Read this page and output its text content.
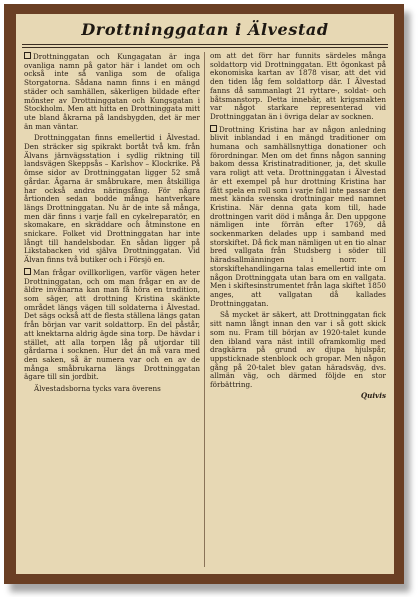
Drottninggatan i Älvestad

Drottninggatan och Kungagatan är inga ovanliga namn på gator här i landet om och också inte så vanliga som de ofaliga Storgatorna. Sådana namn finns i en mängd städer och samhällen, säkerligen bildade efter mönster av Drottninggatan och Kungsgatan i Stockholm. Men att hitta en Drottninggata mitt ute bland åkrarna på landsbygden, det är mer än man väntar.

Drottninggatan finns emellertid i Älvestad. Den sträcker sig spikrakt bortåt två km. från Älvans järnvägsstation i sydlig riktning till landsvägen Skeppsås – Karlshov – Klockrike. På ömse sidor av Drottninggatan ligger 52 små gårdar. Ägarna är småbrukare, men åtskilliga har också andra näringsfång. För några årtionden sedan bodde många hantverkare längs Drottninggatan. Nu är de inte så många, men där finns i varje fall en cykelreparatör, en skomakare, en skräddare och åtminstone en snickare. Folket vid Drottninggatan har inte långt till handelsbodar. En sådan ligger på Likstabacken vid själva Drottninggatan. Vid Älvan finns två butiker och i Försjö en.

Man frågar ovillkorligen, varför vägen heter Drottninggatan, och om man frågar en av de äldre invånarna kan man få höra en tradition, som säger, att drottning Kristina skänkte området längs vägen till soldaterna i Älvestad. Det sägs också att de flesta ställena längs gatan från början var varit soldattorp. En del påstår, att knektarna aldrig ägde sina torp. De hävdar i stället, att alla torpen låg på utjordar till gårdarna i socknen. Hur det än må vara med den saken, så är numera var och en av de många småbrukarna längs Drottninggatan ägare till sin jordbit.

Älvestadsborna tycks vara överens

om att det förr har funnits särdeles många soldattorp vid Drottninggatan. Ett ögonkast på ekonomiska kartan av 1878 visar, att det vid den tiden låg fem soldattorp där. I Älvestad fanns då sammanlagt 21 ryttare-, soldat- och båtsmanstorp. Detta innebär, att krigsmakten var något starkare representerad vid Drottninggatan än i övriga delar av socknen.

Drottning Kristina har av någon anledning blivit inblandad i en mängd traditioner om humana och samhällsnyttiga donationer och förordningar. Men om det finns någon sanning bakom dessa Kristinatraditioner, ja, det skulle vara roligt att veta. Drottninggatan i Älvestad är ett exempel på hur drottning Kristina har fått spela en roll som i varje fall inte passar den mest kända svenska drottningar med namnet Kristina. När denna gata kom till, hade drottningen varit död i många år. Den uppgone nämligen inte förrän efter 1769, då sockenmarken delades upp i samband med storskiftet. Då fick man nämligen ut en tio alnar bred vallgata från Studsberg i söder till häradsallmänningen i norr. I storskiftehandlingarna talas emellertid inte om någon Drottninggata utan bara om en vallgata. Men i skiftesinstrumentet från laga skiftet 1850 anges, att vallgatan då kallades Drottninggatan.

Så mycket är säkert, att Drottninggatan fick sitt namn långt innan den var i så gott skick som nu. Fram till början av 1920-talet kunde den ibland vara näst intill oframkomlig med dragkärra på grund av djupa hjulspår, uppsticknade stenblock och gropar. Men någon gång på 20-talet blev gatan häradsväg, dvs. allmän väg, och därmed följde en stor förbättring.

Quivis
